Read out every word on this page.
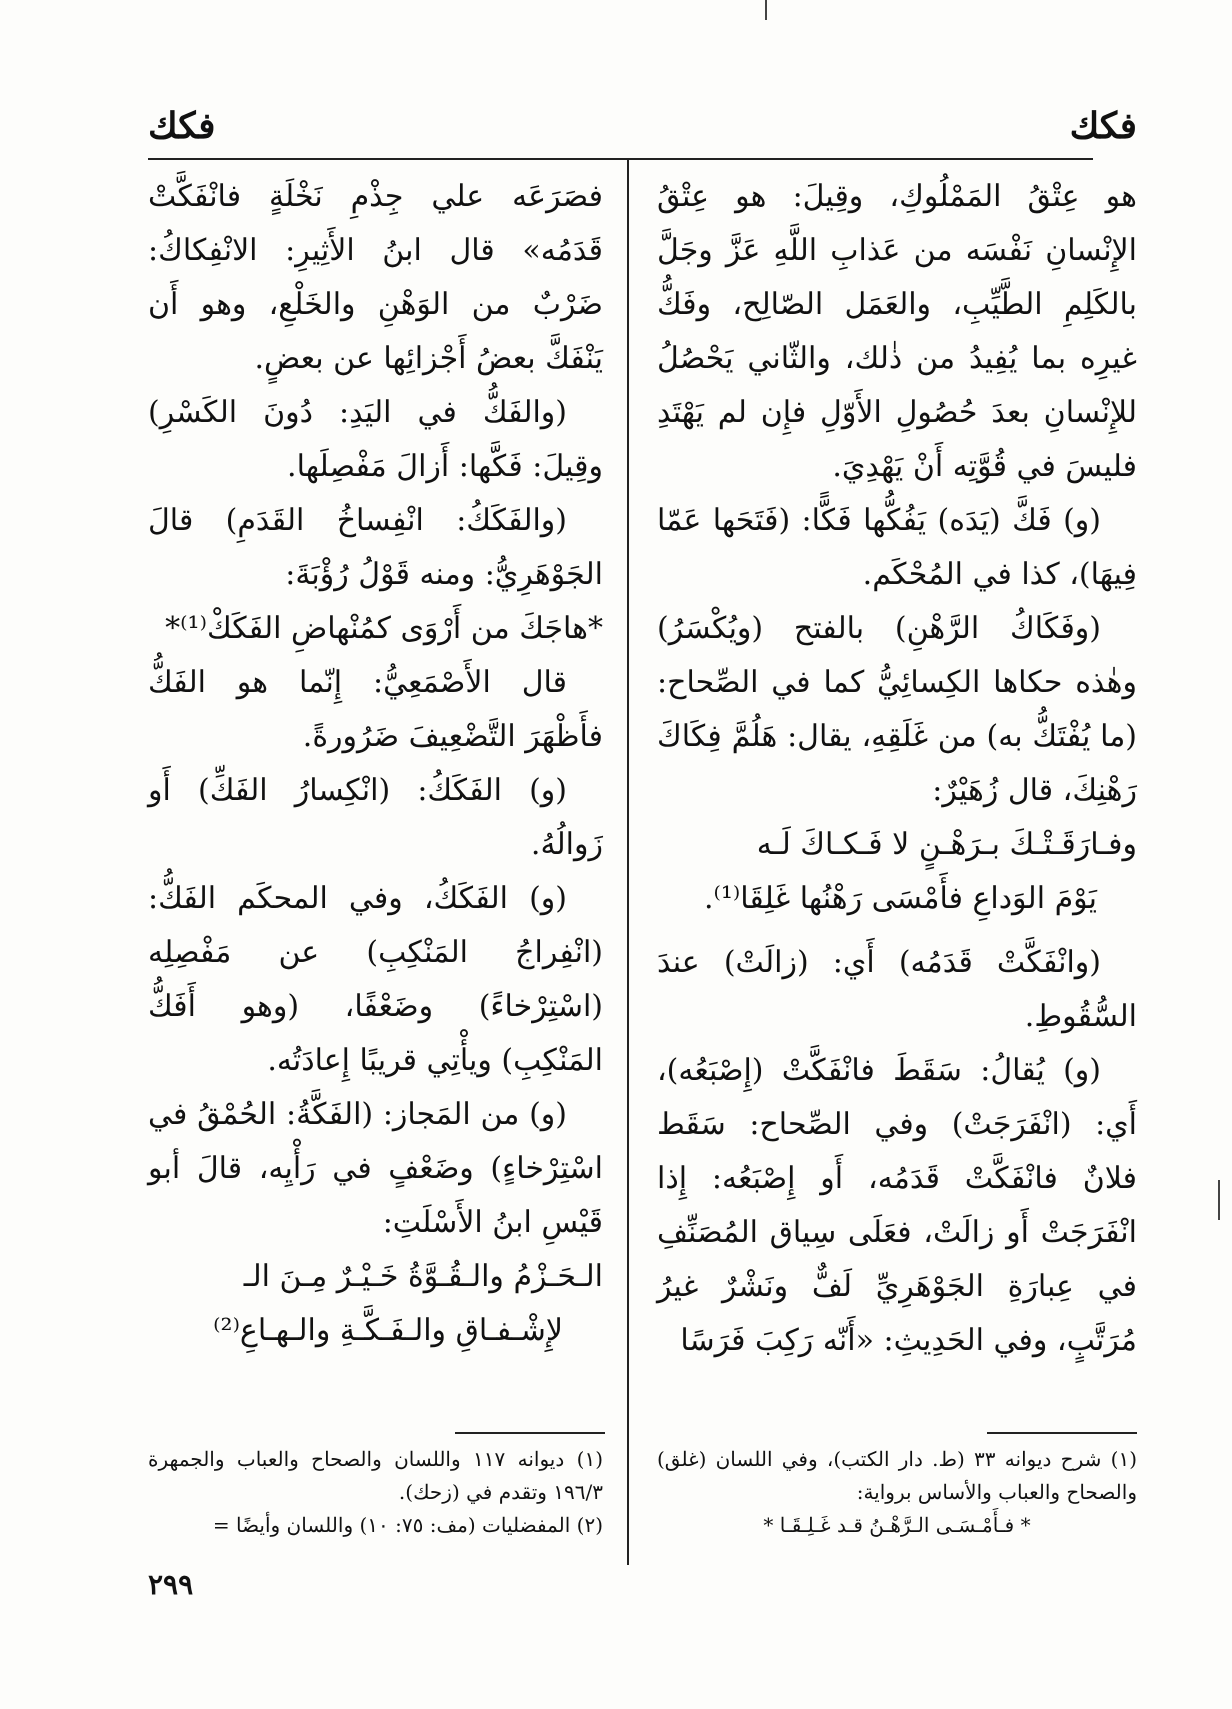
فكك
فكك

هو عِتْقُ المَمْلُوكِ، وقِيلَ: هو عِتْقُ الإِنْسانِ نَفْسَه من عَذابِ اللَّهِ عَزَّ وجَلَّ بالكَلِمِ الطَّيِّبِ، والعَمَل الصّالِح، وفَكُّ غيرِه بما يُفِيدُ من ذٰلك، والثّاني يَحْصُلُ للإِنْسانِ بعدَ حُصُولِ الأَوّلِ فإِن لم يَهْتَدِ فليسَ في قُوَّتِه أَنْ يَهْدِيَ.

(و) فَكَّ (يَدَه) يَفُكُّها فَكًّا: (فَتَحَها عَمّا فِيهَا)، كذا في المُحْكَم.

(وفَكَاكُ الرَّهْنِ) بالفتح (ويُكْسَرُ) وهٰذه حكاها الكِسائِيُّ كما في الصِّحاح: (ما يُفْتَكُّ به) من غَلَقِهِ، يقال: هَلُمَّ فِكَاكَ رَهْنِكَ، قال زُهَيْرٌ:

وفـارَقَـتْـكَ بـرَهْـنٍ لا فَـكـاكَ لَـه

يَوْمَ الوَداعِ فأَمْسَى رَهْنُها غَلِقَا⁽¹⁾.

(وانْفَكَّتْ قَدَمُه) أَي: (زالَتْ) عندَ السُّقُوطِ.

(و) يُقالُ: سَقَطَ فانْفَكَّتْ (إِصْبَعُه)، أَي: (انْفَرَجَتْ) وفي الصِّحاح: سَقَط فلانٌ فانْفَكَّتْ قَدَمُه، أَو إِصْبَعُه: إِذا انْفَرَجَتْ أَو زالَتْ، فعَلَى سِياق المُصَنِّفِ في عِبارَةِ الجَوْهَرِيِّ لَفٌّ ونَشْرٌ غيرُ مُرَتَّبٍ، وفي الحَدِيثِ: «أَنّه رَكِبَ فَرَسًا

فصَرَعَه علي جِذْمِ نَخْلَةٍ فانْفَكَّتْ قَدَمُه» قال ابنُ الأَثِيرِ: الانْفِكاكُ: ضَرْبٌ من الوَهْنِ والخَلْعِ، وهو أَن يَنْفَكَّ بعضُ أَجْزائِها عن بعضٍ.

(والفَكُّ في اليَدِ: دُونَ الكَسْرِ) وقِيلَ: فَكَّها: أَزالَ مَفْصِلَها.

(والفَكَكُ: انْفِساخُ القَدَمِ) قالَ الجَوْهَرِيُّ: ومنه قَوْلُ رُؤْبَةَ:

*هاجَكَ من أَرْوَى كمُنْهاضِ الفَكَكْ⁽¹⁾*

قال الأَصْمَعِيُّ: إِنّما هو الفَكُّ فأَظْهَرَ التَّضْعِيفَ ضَرُورةً.

(و) الفَكَكُ: (انْكِسارُ الفَكِّ) أَو زَوالُهُ.

(و) الفَكَكُ، وفي المحكَم الفَكُّ: (انْفِراجُ المَنْكِبِ) عن مَفْصِلِه (اسْتِرْخاءً) وضَعْفًا، (وهو أَفَكُّ المَنْكِبِ) ويأْتِي قريبًا إِعادَتُه.

(و) من المَجاز: (الفَكَّةُ: الحُمْقُ في اسْتِرْخاءٍ) وضَعْفٍ في رَأْيِه، قالَ أبو قَيْسِ ابنُ الأَسْلَتِ:

الـحَـزْمُ والـقُـوَّةُ خَـيْـرٌ مِـنَ الـ

لإِشْـفـاقِ والـفَـكَّـةِ والـهـاعِ⁽²⁾

(١) شرح ديوانه ٣٣ (ط. دار الكتب)، وفي اللسان (غلق) والصحاح والعباب والأساس برواية:

* فـأَمْـسَـى الـرَّهْـنُ قـد غَـلِـقَـا *

(١) ديوانه ١١٧ واللسان والصحاح والعباب والجمهرة ١٩٦/٣ وتقدم في (زحك).

(٢) المفضليات (مف: ٧٥: ١٠) واللسان وأيضًا =

٢٩٩
